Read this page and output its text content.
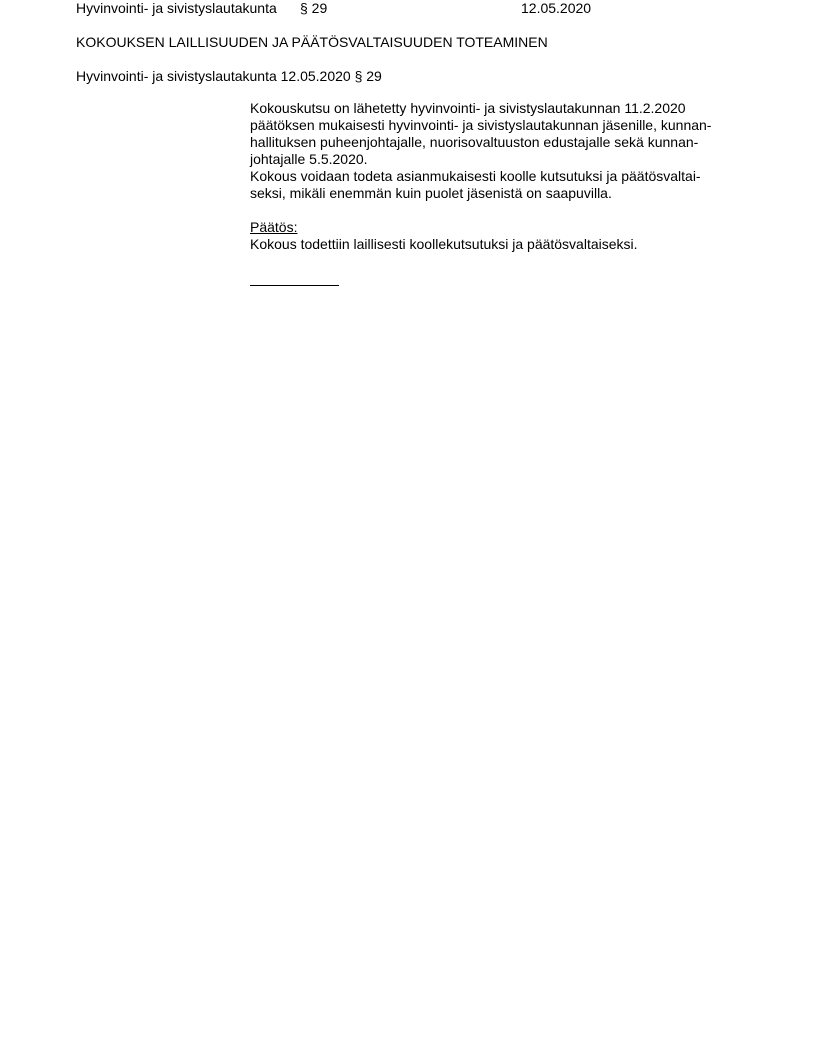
Hyvinvointi- ja sivistyslautakunta § 29	12.05.2020
KOKOUKSEN LAILLISUUDEN JA PÄÄTÖSVALTAISUUDEN TOTEAMINEN
Hyvinvointi- ja sivistyslautakunta 12.05.2020 § 29
Kokouskutsu on lähetetty hyvinvointi- ja sivistyslautakunnan 11.2.2020
päätöksen mukaisesti hyvinvointi- ja sivistyslautakunnan jäsenille, kunnan-
hallituksen puheenjohtajalle, nuorisovaltuuston edustajalle sekä kunnan-
johtajalle 5.5.2020.
Kokous voidaan todeta asianmukaisesti koolle kutsutuksi ja päätösvaltai-
seksi, mikäli enemmän kuin puolet jäsenistä on saapuvilla.
Päätös:
Kokous todettiin laillisesti koollekutsutuksi ja päätösvaltaiseksi.
